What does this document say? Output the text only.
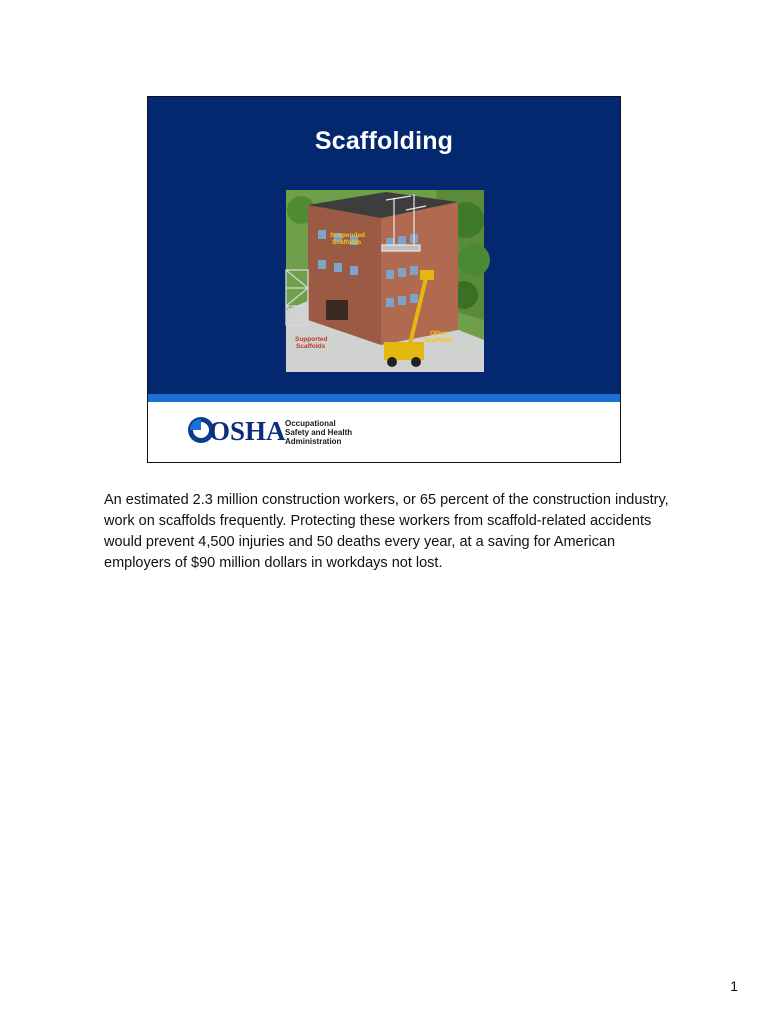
Scaffolding
Suspended
Scaffolds
Supported
Scaffolds
Other
Scaffolds
OSHA Occupational
Safety and Health
Administration
An estimated 2.3 million construction workers, or 65 percent of the construction industry, work on scaffolds frequently. Protecting these workers from scaffold-related accidents would prevent 4,500 injuries and 50 deaths every year, at a saving for American employers of $90 million dollars in workdays not lost.
1
